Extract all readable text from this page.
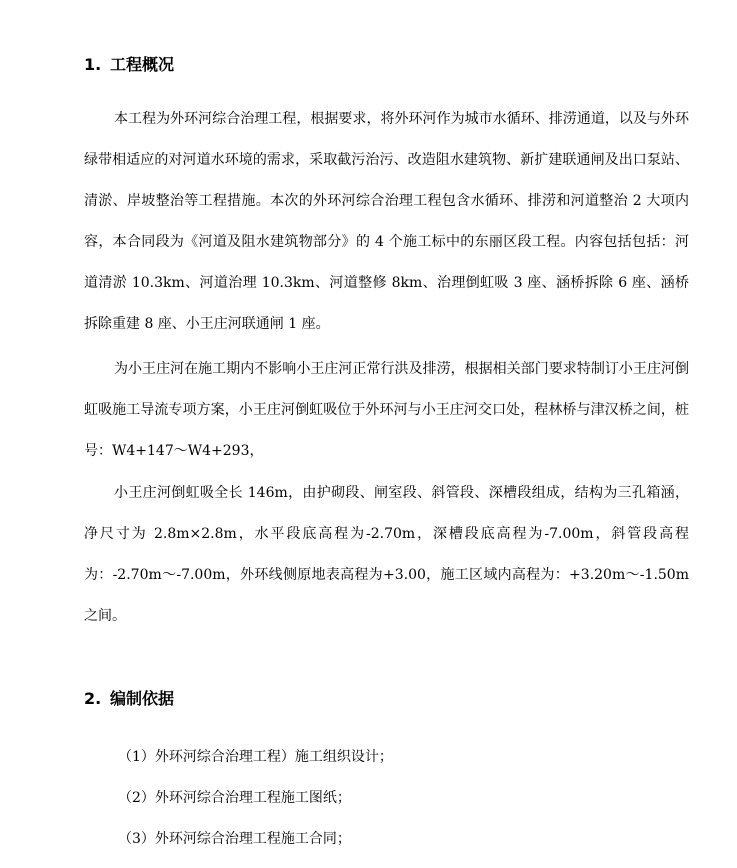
1. 工程概况

本工程为外环河综合治理工程，根据要求，将外环河作为城市水循环、排涝通道，以及与外环绿带相适应的对河道水环境的需求，采取截污治污、改造阻水建筑物、新扩建联通闸及出口泵站、清淤、岸坡整治等工程措施。本次的外环河综合治理工程包含水循环、排涝和河道整治 2 大项内容，本合同段为《河道及阻水建筑物部分》的 4 个施工标中的东丽区段工程。内容包括包括：河道清淤 10.3km、河道治理 10.3km、河道整修 8km、治理倒虹吸 3 座、涵桥拆除 6 座、涵桥拆除重建 8 座、小王庄河联通闸 1 座。

为小王庄河在施工期内不影响小王庄河正常行洪及排涝，根据相关部门要求特制订小王庄河倒虹吸施工导流专项方案，小王庄河倒虹吸位于外环河与小王庄河交口处，程林桥与津汉桥之间，桩号：W4+147～W4+293，

小王庄河倒虹吸全长 146m，由护砌段、闸室段、斜管段、深槽段组成，结构为三孔箱涵，净尺寸为 2.8m×2.8m，水平段底高程为-2.70m，深槽段底高程为-7.00m，斜管段高程为：-2.70m～-7.00m，外环线侧原地表高程为+3.00，施工区域内高程为：+3.20m～-1.50m 之间。

2. 编制依据
（1）外环河综合治理工程）施工组织设计；
（2）外环河综合治理工程施工图纸；
（3）外环河综合治理工程施工合同；
